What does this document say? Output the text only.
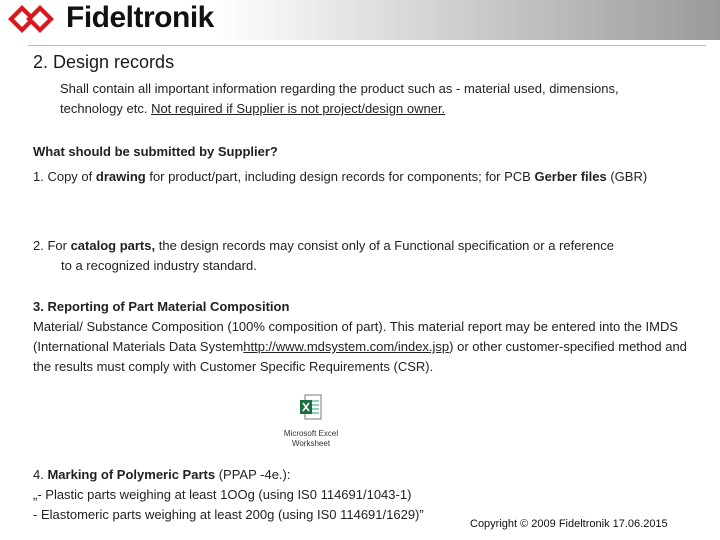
Fideltronik
2. Design records
Shall contain all important information regarding the product such as - material used, dimensions, technology etc. Not required if Supplier is not project/design owner.
What should be submitted by Supplier?
1. Copy of drawing for product/part, including design records for components; for PCB Gerber files (GBR)
2. For catalog parts, the design records may consist only of a Functional specification or a reference
to a recognized industry standard.
3. Reporting of Part Material Composition
Material/ Substance Composition (100% composition of part). This material report may be entered into the IMDS (International Materials Data Systemhttp://www.mdsystem.com/index.jsp) or other customer-specified method and the results must comply with Customer Specific Requirements (CSR).
Microsoft Excel
Worksheet
4. Marking of Polymeric Parts (PPAP -4e.):
„- Plastic parts weighing at least 1OOg (using IS0 114691/1043-1)
- Elastomeric parts weighing at least 200g (using IS0 114691/1629)”
Copyright © 2009 Fideltronik 17.06.2015
